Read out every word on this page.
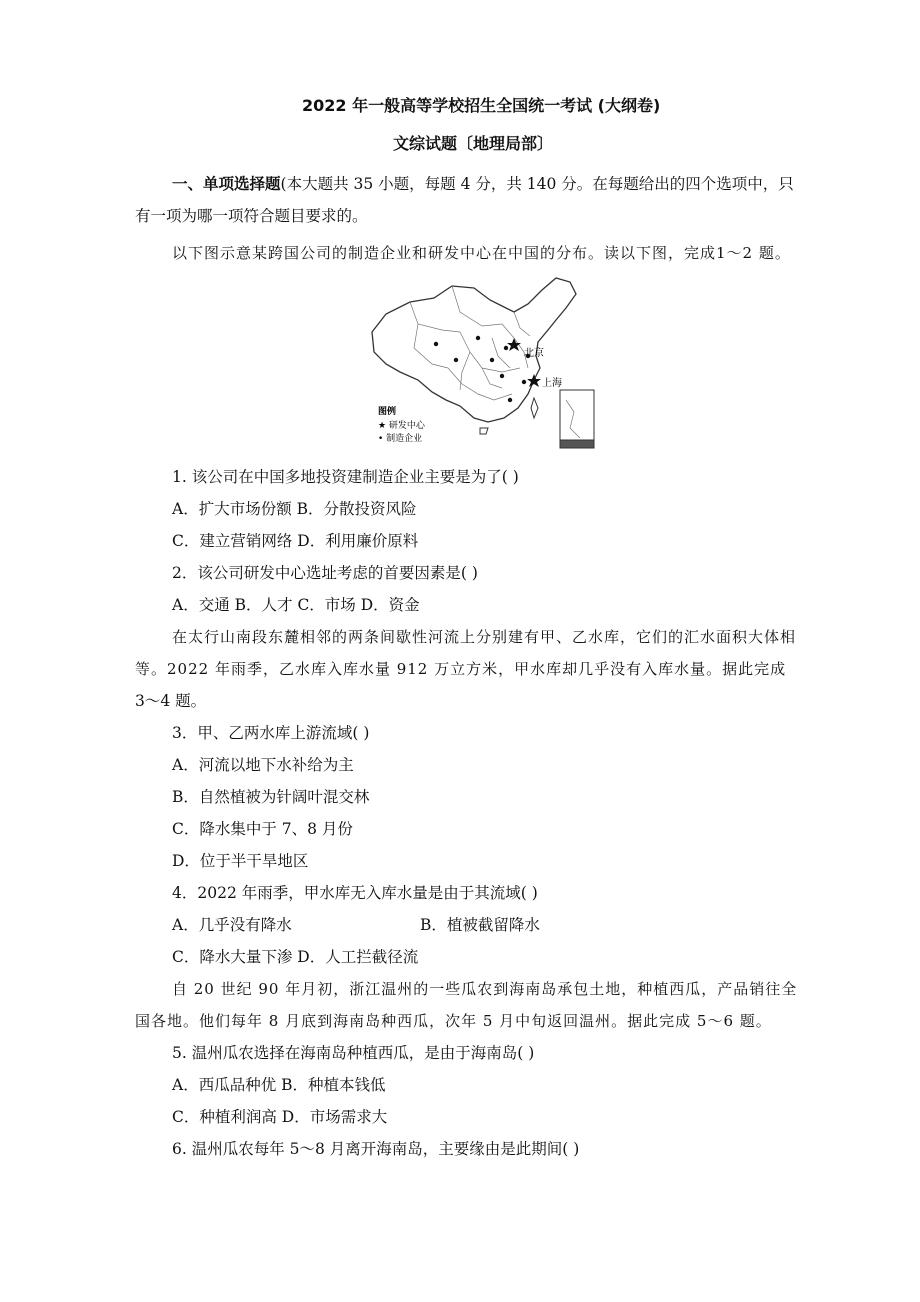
2022 年一般高等学校招生全国统一考试 (大纲卷)
文综试题〔地理局部〕
一、单项选择题(本大题共 35 小题，每题 4 分，共 140 分。在每题给出的四个选项中，只
有一项为哪一项符合题目要求的。
以下图示意某跨国公司的制造企业和研发中心在中国的分布。读以下图，完成1～2 题。
北京
上海
图例
★ 研发中心
• 制造企业
1. 该公司在中国多地投资建制造企业主要是为了( )
A．扩大市场份额 B．分散投资风险
C．建立营销网络 D．利用廉价原料
2．该公司研发中心选址考虑的首要因素是( )
A．交通 B．人才 C．市场 D．资金
在太行山南段东麓相邻的两条间歇性河流上分别建有甲、乙水库，它们的汇水面积大体相
等。2022 年雨季，乙水库入库水量 912 万立方米，甲水库却几乎没有入库水量。据此完成
3～4 题。
3．甲、乙两水库上游流域( )
A．河流以地下水补给为主
B．自然植被为针阔叶混交林
C．降水集中于 7、8 月份
D．位于半干旱地区
4．2022 年雨季，甲水库无入库水量是由于其流域( )
A．几乎没有降水	B．植被截留降水
C．降水大量下渗 D．人工拦截径流
自 20 世纪 90 年月初，浙江温州的一些瓜农到海南岛承包土地，种植西瓜，产品销往全
国各地。他们每年 8 月底到海南岛种西瓜，次年 5 月中旬返回温州。据此完成 5～6 题。
5. 温州瓜农选择在海南岛种植西瓜，是由于海南岛( )
A．西瓜品种优 B．种植本钱低
C．种植利润高 D．市场需求大
6. 温州瓜农每年 5～8 月离开海南岛，主要缘由是此期间( )
